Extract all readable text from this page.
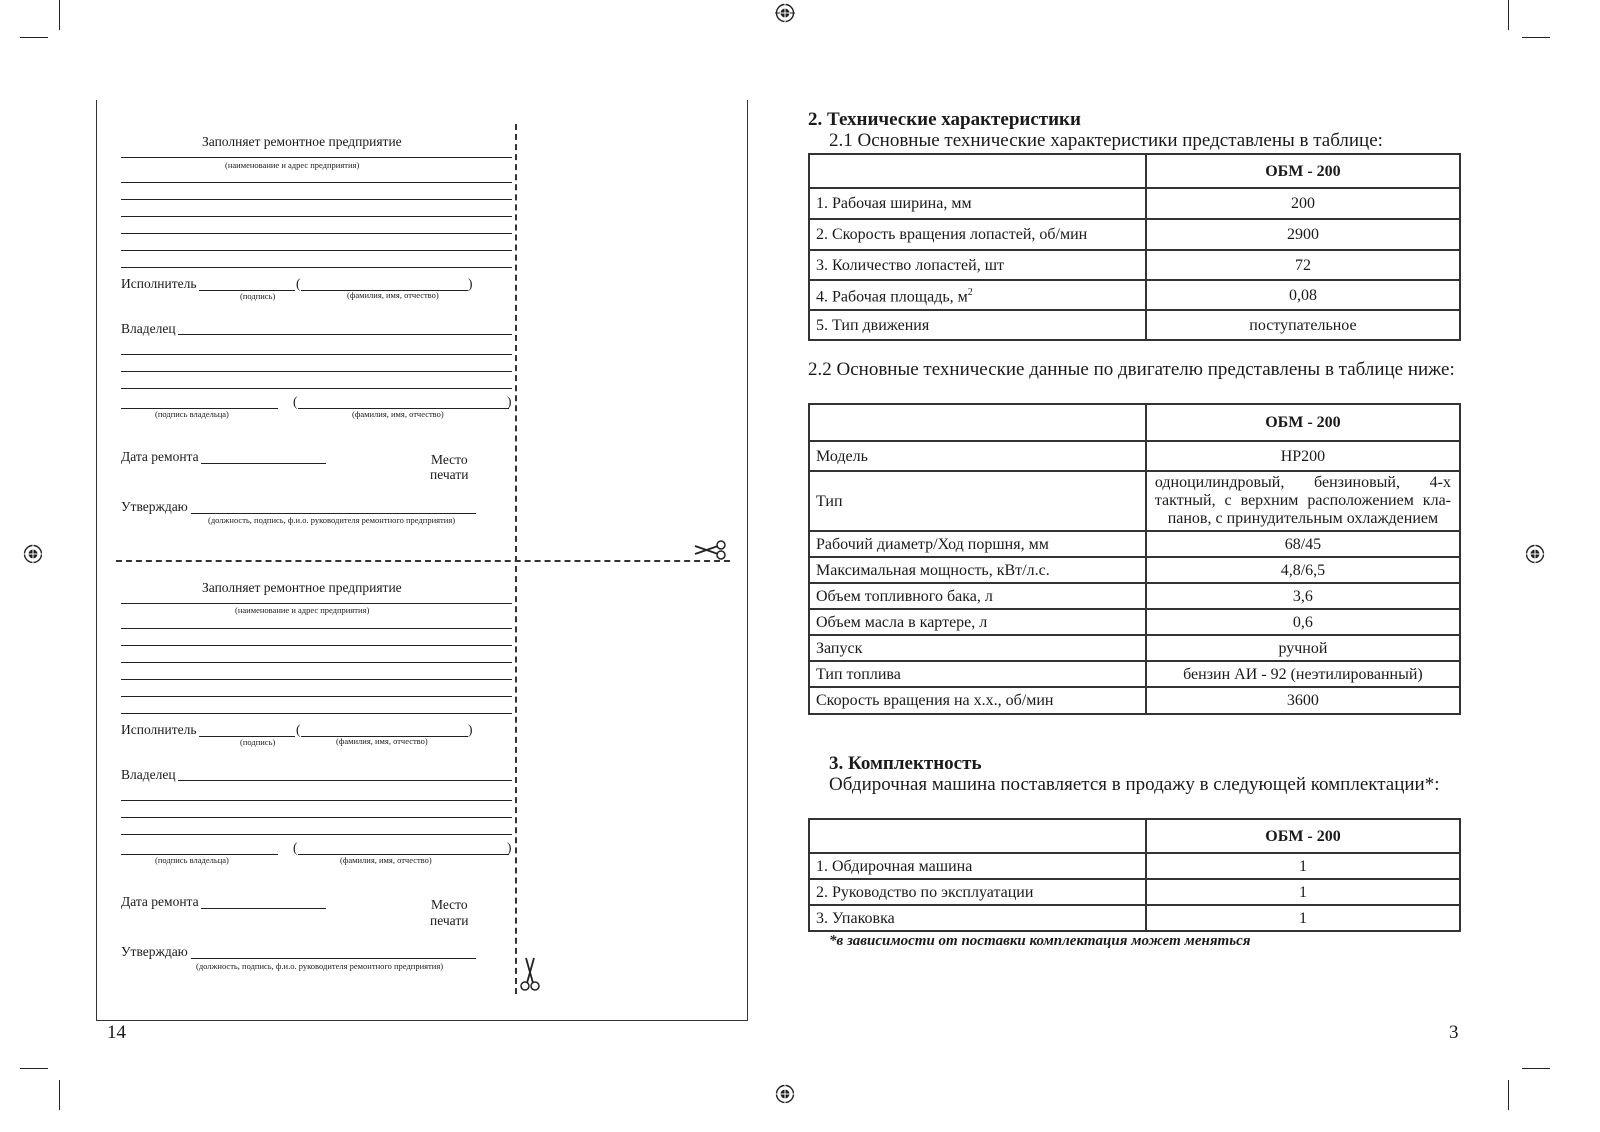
Заполняет ремонтное предприятие
(наименование и адрес предприятия)
Исполнитель	(	)
(подпись)	(фамилия, имя, отчество)
Владелец
(	)
(подпись владельца)	(фамилия, имя, отчество)
Дата ремонта	Место
печати
Утверждаю
(должность, подпись, ф.и.о. руководителя ремонтного предприятия)
Заполняет ремонтное предприятие
(наименование и адрес предприятия)
Исполнитель	(	)
(подпись)	(фамилия, имя, отчество)
Владелец
(	)
(подпись владельца)	(фамилия, имя, отчество)
Дата ремонта	Место
печати
Утверждаю
(должность, подпись, ф.и.о. руководителя ремонтного предприятия)
14
2. Технические характеристики
2.1 Основные технические характеристики представлены в таблице:
	ОБМ - 200
1. Рабочая ширина, мм	200
2. Скорость вращения лопастей, об/мин	2900
3. Количество лопастей, шт	72
4. Рабочая площадь, $м^2$	0,08
5. Тип движения	поступательное
2.2 Основные технические данные по двигателю представлены в таблице ниже:
	ОБМ - 200
Модель	HP200
Тип	одноцилиндровый, бензиновый, 4-х тактный, с верхним расположением кла-панов, с принудительным охлаждением
Рабочий диаметр/Ход поршня, мм	68/45
Максимальная мощность, кВт/л.с.	4,8/6,5
Объем топливного бака, л	3,6
Объем масла в картере, л	0,6
Запуск	ручной
Тип топлива	бензин АИ - 92 (неэтилированный)
Скорость вращения на х.х., об/мин	3600
3. Комплектность
Обдирочная машина поставляется в продажу в следующей комплектации*:
	ОБМ - 200
1. Обдирочная машина	1
2. Руководство по эксплуатации	1
3. Упаковка	1
*в зависимости от поставки комплектация может меняться
3
